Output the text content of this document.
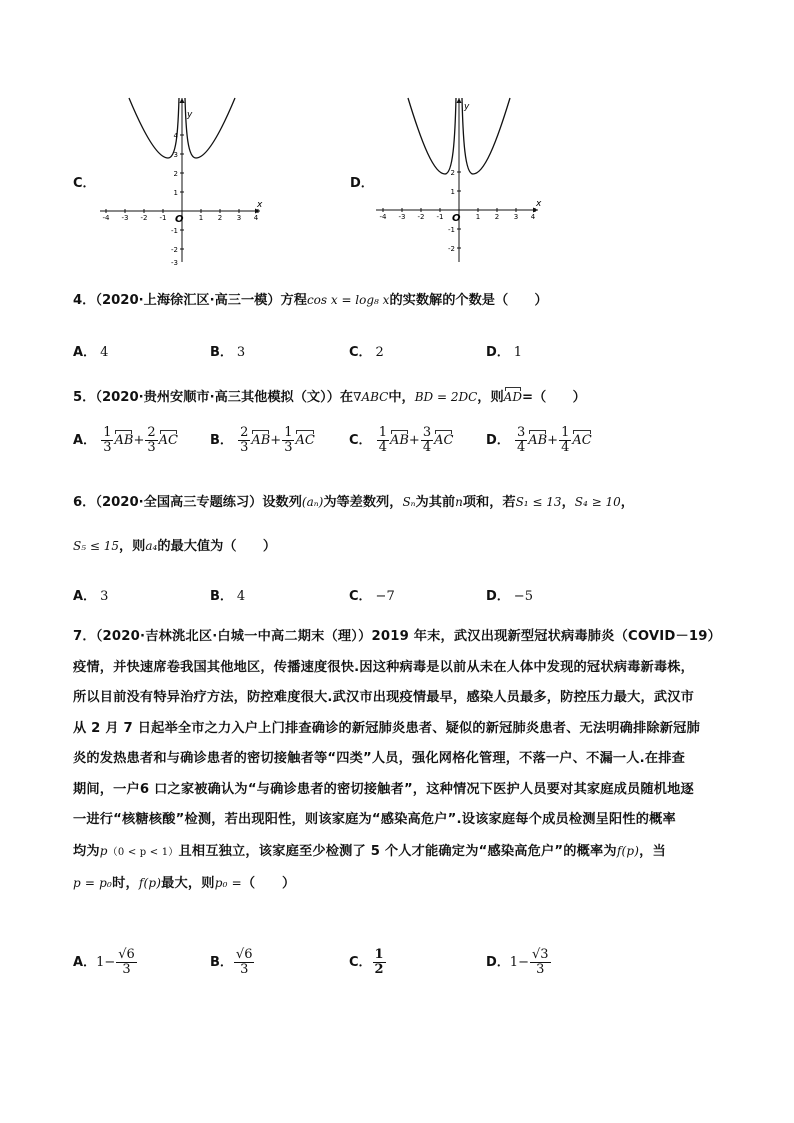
C．
y
x
O
-4 -3 -2 -1	1 2 3 4
4
3
2
1
-1
-2
-3
D．
y
x
O
-4 -3 -2 -1	1 2 3 4
2
1
-1
-2
4．（2020·上海徐汇区·高三一模）方程cos x = log₈ x的实数解的个数是（　　）
A． 4	B． 3	C． 2	D． 1
5．（2020·贵州安顺市·高三其他模拟（文））在∇ABC中，BD = 2DC，则AD=（　　）
A． $\frac{1}{3} AB+ \frac{2}{3}$ AC B． $\frac{2}{3} AB+ \frac{1}{3}$ AC	C． $\frac{1}{4} AB+ \frac{3}{4}$ AC	D． $\frac{3}{4} AB+ \frac{1}{4}$ AC
6．（2020·全国高三专题练习）设数列(aₙ)为等差数列，Sₙ为其前n项和，若S₁ ≤ 13，S₄ ≥ 10，
S₅ ≤ 15，则a₄的最大值为（　　）
A． 3	B． 4	C． −7	D． −5
7．（2020·吉林洮北区·白城一中高二期末（理））2019 年末，武汉出现新型冠状病毒肺炎（COVID－19）
疫情，并快速席卷我国其他地区，传播速度很快.因这种病毒是以前从未在人体中发现的冠状病毒新毒株，
所以目前没有特异治疗方法，防控难度很大.武汉市出现疫情最早，感染人员最多，防控压力最大，武汉市
从 2 月 7 日起举全市之力入户上门排查确诊的新冠肺炎患者、疑似的新冠肺炎患者、无法明确排除新冠肺
炎的发热患者和与确诊患者的密切接触者等“四类”人员，强化网格化管理，不落一户、不漏一人.在排查
期间，一户6 口之家被确认为“与确诊患者的密切接触者”，这种情况下医护人员要对其家庭成员随机地逐
一进行“核糖核酸”检测，若出现阳性，则该家庭为“感染高危户”.设该家庭每个成员检测呈阳性的概率
均为p（0 < p < 1）且相互独立，该家庭至少检测了 5 个人才能确定为“感染高危户”的概率为f(p)，当
p = p₀时，f(p)最大，则p₀ =（　　）
A．$1- \frac{√6}{3}$	B． $\frac{√6}{3}$	C． $\frac{1}{2}$	D．$1- \frac{√3}{3}$
